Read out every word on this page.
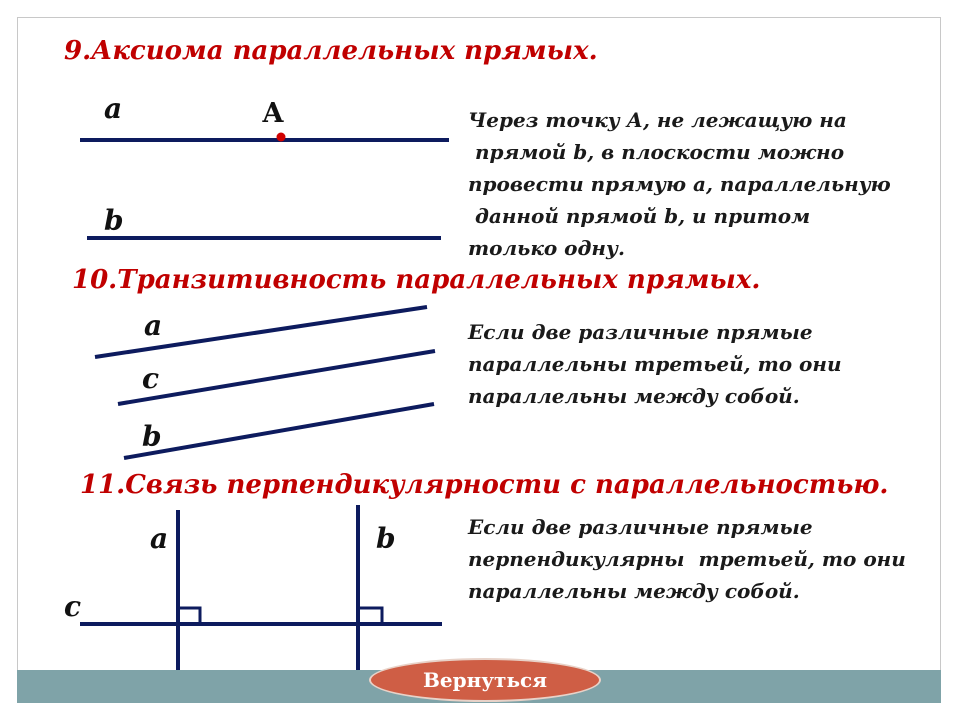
9.Аксиома параллельных прямых.
a	А
b
Через точку А, не лежащую на
прямой b, в плоскости можно
провести прямую а, параллельную
данной прямой b, и притом
только одну.
10.Транзитивность параллельных прямых.
a
c
b
Если две различные прямые
параллельны третьей, то они
параллельны между собой.
11.Связь перпендикулярности с параллельностью.
a	b
c
Если две различные прямые
перпендикулярны  третьей, то они
параллельны между собой.
Вернуться
